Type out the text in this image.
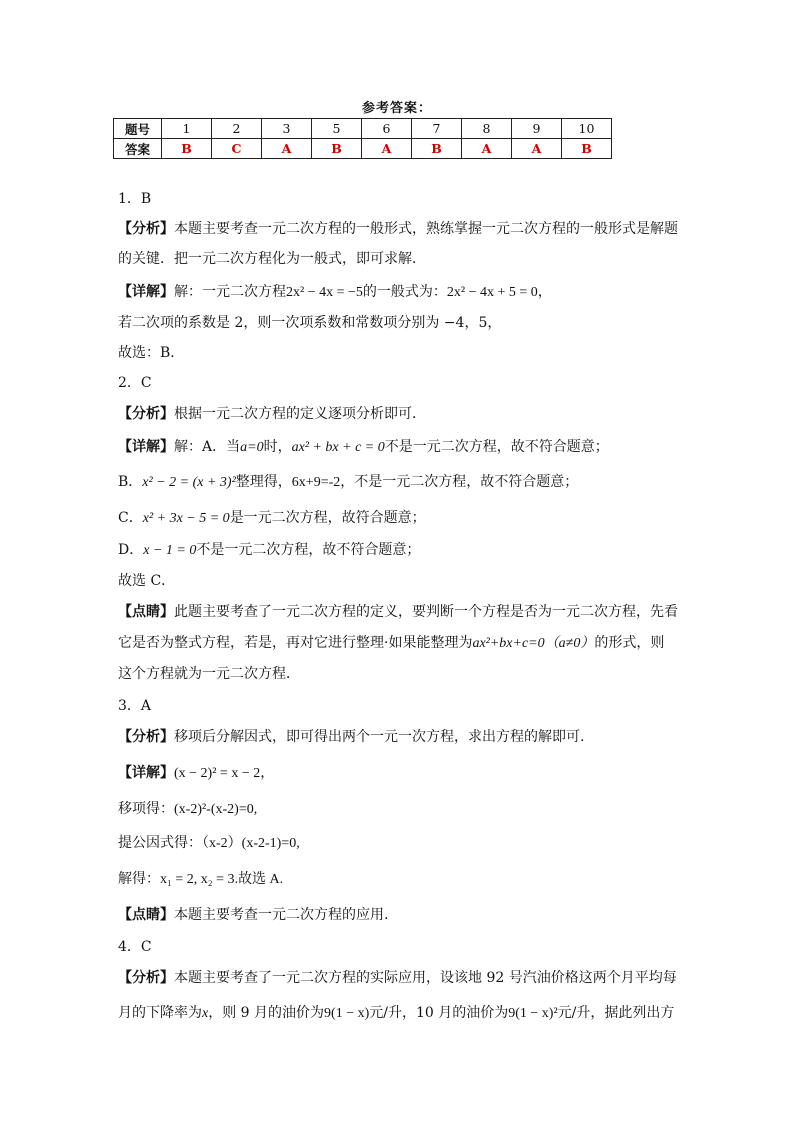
参考答案：
题号	1	2	3	5	6	7	8	9	10
答案	B	C	A	B	A	B	A	A	B
1．B
【分析】本题主要考查一元二次方程的一般形式，熟练掌握一元二次方程的一般形式是解题
的关键．把一元二次方程化为一般式，即可求解．
【详解】解：一元二次方程2x² − 4x = −5的一般式为：2x² − 4x + 5 = 0，
若二次项的系数是 2，则一次项系数和常数项分别为 −4，5，
故选：B．
2．C
【分析】根据一元二次方程的定义逐项分析即可．
【详解】解：A．当a=0时，ax² + bx + c = 0不是一元二次方程，故不符合题意；
B．x² − 2 = (x + 3)²整理得，6x+9=-2，不是一元二次方程，故不符合题意；
C．x² + 3x − 5 = 0是一元二次方程，故符合题意；
D．x − 1 = 0不是一元二次方程，故不符合题意；
故选 C．
【点睛】此题主要考查了一元二次方程的定义，要判断一个方程是否为一元二次方程，先看
它是否为整式方程，若是，再对它进行整理·如果能整理为ax²+bx+c=0（a≠0）的形式，则
这个方程就为一元二次方程．
3．A
【分析】移项后分解因式，即可得出两个一元一次方程，求出方程的解即可.
【详解】(x − 2)² = x − 2，
移项得：(x-2)²-(x-2)=0,
提公因式得：（x-2）(x-2-1)=0,
解得：x₁ = 2, x₂ = 3.故选 A.
【点睛】本题主要考查一元二次方程的应用.
4．C
【分析】本题主要考查了一元二次方程的实际应用，设该地 92 号汽油价格这两个月平均每
月的下降率为x，则 9 月的油价为9(1 − x)元/升，10 月的油价为9(1 − x)²元/升，据此列出方
